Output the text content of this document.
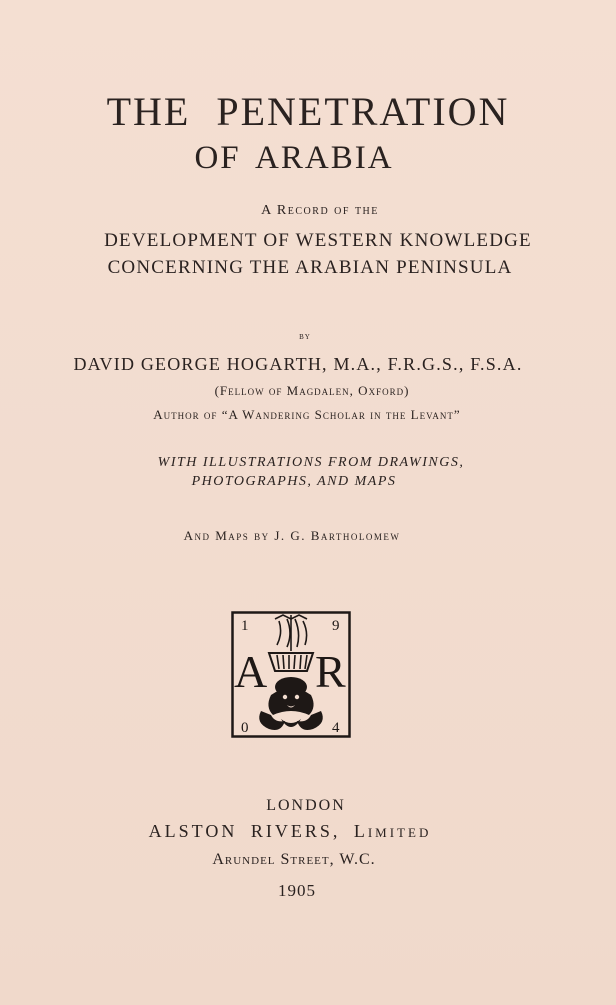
THE PENETRATION
OF ARABIA
A Record of the
DEVELOPMENT OF WESTERN KNOWLEDGE
CONCERNING THE ARABIAN PENINSULA
by
DAVID GEORGE HOGARTH, M.A., F.R.G.S., F.S.A.
(Fellow of Magdalen, Oxford)
Author of “A Wandering Scholar in the Levant”
WITH ILLUSTRATIONS FROM DRAWINGS,
PHOTOGRAPHS, AND MAPS
And Maps by J. G. Bartholomew
1	9
0	4
A R
LONDON
ALSTON RIVERS, Limited
Arundel Street, W.C.
1905
